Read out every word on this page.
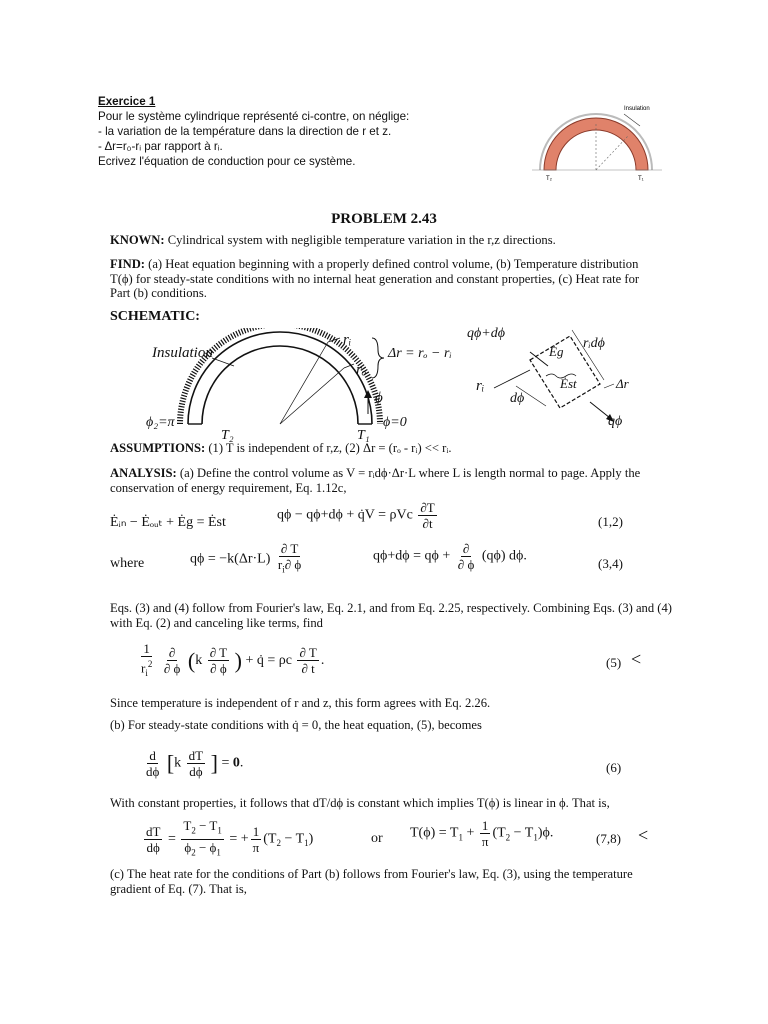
Exercice 1
Pour le système cylindrique représenté ci-contre, on néglige:
- la variation de la température dans la direction de r et z.
- Δr=r₀-rᵢ par rapport à rᵢ.
Ecrivez l'équation de conduction pour ce système.
Insulation
T₂	T₁
PROBLEM 2.43
KNOWN: Cylindrical system with negligible temperature variation in the r,z directions.
FIND: (a) Heat equation beginning with a properly defined control volume, (b) Temperature distribution T(ϕ) for steady-state conditions with no internal heat generation and constant properties, (c) Heat rate for Part (b) conditions.
SCHEMATIC:
Insulation
rᵢ
rₒ
Δr = rₒ − rᵢ
ϕ
ϕ=0
ϕ₂=π
T₂	T₁
qϕ+dϕ
rᵢdϕ
Ėg
Ėst
rᵢ	Δr
dϕ
qϕ
ASSUMPTIONS: (1) T is independent of r,z, (2) Δr = (rₒ - rᵢ) << rᵢ.
ANALYSIS: (a) Define the control volume as V = rᵢdϕ·Δr·L where L is length normal to page. Apply the conservation of energy requirement, Eq. 1.12c,
Ėᵢₙ − Ėₒᵤₜ + Ėg = Ėst	qϕ − qϕ+dϕ + q̇V = ρVc $\frac{\partial T}{\partial t}$	(1,2)
where	$q\phi = -k(\Delta r\cdot L) \frac{\partial T}{r_i\partial \phi}$	$q\phi+d\phi = q\phi + \frac{\partial}{\partial \phi} (q\phi)$ dϕ.	(3,4)
Eqs. (3) and (4) follow from Fourier's law, Eq. 2.1, and from Eq. 2.25, respectively. Combining Eqs. (3) and (4) with Eq. (2) and canceling like terms, find
$\frac{1}{r_i^2}$
$\frac{\partial}{\partial \phi} (k \frac{\partial T}{\partial \phi}$ ) + q̇ = ρc $\frac{\partial T}{\partial t}$ .	(5) <
Since temperature is independent of r and z, this form agrees with Eq. 2.26.
(b) For steady-state conditions with q̇ = 0, the heat equation, (5), becomes
$\frac{d}{d\phi} [k \frac{dT}{d\phi}$ ] = 0.	(6)
With constant properties, it follows that dT/dϕ is constant which implies T(ϕ) is linear in ϕ. That is,
$\frac{dT}{d\phi} = \frac{T_2 - T_1}{\phi_2 - \phi_1}$ = + $\frac{1}{\pi} (T_2 - T_1)$	or $T(\phi) = T_1 + \frac{1}{\pi} (T_2 - T_1)\phi$.	(7,8) <
(c) The heat rate for the conditions of Part (b) follows from Fourier's law, Eq. (3), using the temperature gradient of Eq. (7). That is,
